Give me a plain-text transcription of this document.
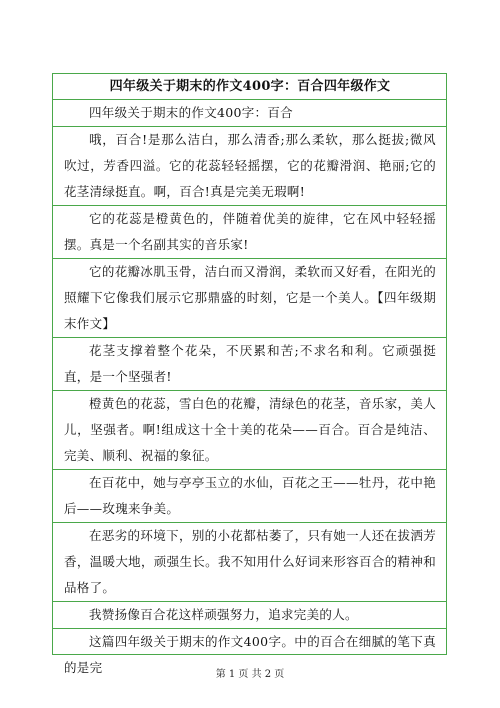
四年级关于期末的作文400字：百合四年级作文
四年级关于期末的作文400字：百合
哦，百合!是那么洁白，那么清香;那么柔软，那么挺拔;微风吹过，芳香四溢。它的花蕊轻轻摇摆，它的花瓣滑润、艳丽;它的花茎清绿挺直。啊，百合!真是完美无瑕啊!
它的花蕊是橙黄色的，伴随着优美的旋律，它在风中轻轻摇摆。真是一个名副其实的音乐家!
它的花瓣冰肌玉骨，洁白而又滑润，柔软而又好看，在阳光的照耀下它像我们展示它那鼎盛的时刻，它是一个美人。【四年级期末作文】
花茎支撑着整个花朵，不厌累和苦;不求名和利。它顽强挺直，是一个坚强者!
橙黄色的花蕊，雪白色的花瓣，清绿色的花茎，音乐家，美人儿，坚强者。啊!组成这十全十美的花朵——百合。百合是纯洁、完美、顺利、祝福的象征。
在百花中，她与亭亭玉立的水仙，百花之王——牡丹，花中艳后——玫瑰来争美。
在恶劣的环境下，别的小花都枯萎了，只有她一人还在拔洒芳香，温暖大地，顽强生长。我不知用什么好词来形容百合的精神和品格了。
我赞扬像百合花这样顽强努力，追求完美的人。
这篇四年级关于期末的作文400字。中的百合在细腻的笔下真的是完	第 1 页 共 2 页
